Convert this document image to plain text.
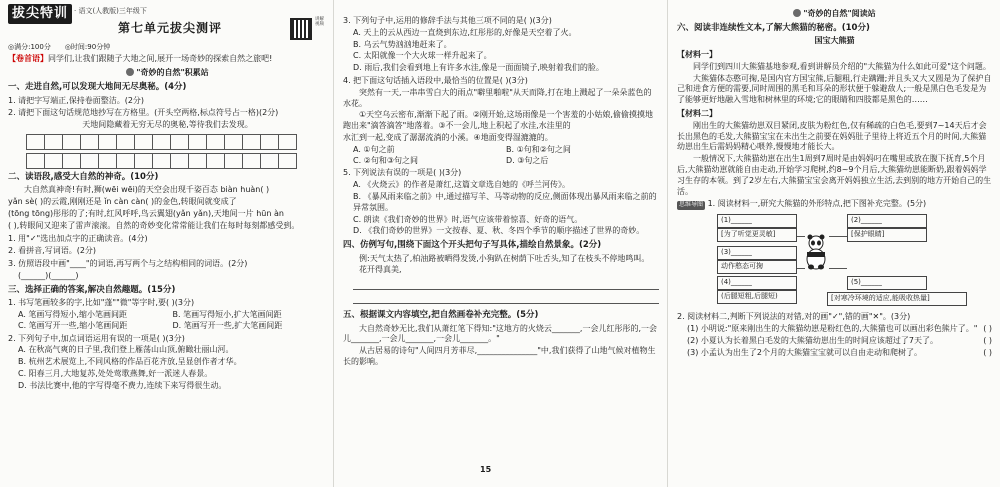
拔尖特训 · 语文(人教版)三年级下
第七单元拔尖测评
讲解视频
◎满分:100分 ◎时间:90分钟
【卷首语】同学们,让我们跟随子大地之间,展开一场奇妙的探索自然之旅吧!
"奇妙的自然"积累站
一、走进自然,可以发现大地间无尽奥秘。(4分)
1. 请把字写端正,保持卷面整洁。(2分)
2. 请把下面这句话规范地抄写在方格里。(开头空两格,标点符号占一格)(2分)
天地间隐藏着无穷无尽的奥秘,等待我们去发现。
二、读语段,感受大自然的神奇。(10分)
大自然真神奇!有时,狮(wēi wēi)的天空会出现千姿百态 biàn huàn( )
yǎn sè( )的云霞,刚刚还是 ǐn càn càn( )的金色,转眼间就变成了
(tōng tōng)彤彤的了;有时,红风呼呼,鸟云翼翅(yǎn yǎn),天地间一片 hūn àn
( ),转眼间又迎来了雷声滚滚。自然的奇妙变化常常能让我们在每时每刻都感受到。
1. 用"✓"选出加点字的正确读音。(4分)
2. 看拼音,写词语。(2分)
3. 仿照语段中画"____"的词语,再写两个与之结构相同的词语。(2分)
(______)(______)
三、选择正确的答案,解决自然趣题。(15分)
1. 书写笔画较多的字,比如"蓬""微"等字时,要( )(3分)
A. 笔画写得短小,缩小笔画间距	B. 笔画写得短小,扩大笔画间距
C. 笔画写开一些,缩小笔画间距	D. 笔画写开一些,扩大笔画间距
2. 下列句子中,加点词语运用有误的一项是( )(3分)
A. 在秋高气爽的日子里,我们登上雁荡山山顶,俯瞰壮丽山河。
B. 杭州艺术展览上,不同风格的作品百花齐放,呈显创作者才华。
C. 阳春三月,大地复苏,处处莺歌燕舞,好一派迷人春景。
D. 书法比赛中,他的字写得毫不费力,连续下来写得很生动。
3. 下列句子中,运用的修辞手法与其他三项不同的是( )(3分)
A. 天上的云从西边一直烧到东边,红彤彤的,好像是天空着了火。
B. 乌云气势汹汹地赶来了。
C. 太阳就像一个大火球一样升起来了。
D. 雨后,我们会看到地上有许多水洼,像是一面面镜子,映射着我们的脸。
4. 把下面这句话插入语段中,最恰当的位置是( )(3分)
突然有一天,一串串雪白大的雨点"噼里啪啦"从天而降,打在地上溅起了一朵朵蓝色的水花。
①天空乌云密布,渐渐下起了雨。②刚开始,这场雨像是一个害羞的小姑娘,偷偷摸摸地跑出来"滴答滴答"地落着。③不一会儿,地上积起了水洼,水洼里的
水汇到一起,变成了潺潺流淌的小溪。④地面变得湿漉漉的。
A. ①句之前	B. ①句和②句之间
C. ②句和③句之间	D. ③句之后
5. 下列说法有误的一项是( )(3分)
A. 《火烧云》的作者是萧红,这篇文章选自她的《呼兰河传》。
B. 《暴风雨来临之前》中,通过描写羊、马等动物的反应,侧面体现出暴风雨来临之前的异常氛围。
C. 朗读《我们奇妙的世界》时,语气应该带着惊喜、好奇的语气。
D. 《我们奇妙的世界》一文按春、夏、秋、冬四个季节的顺序描述了世界的奇妙。
四、仿例写句,围绕下面这个开头把句子写具体,描绘自然景象。(2分)
例:天气太热了,柏油路被晒得发烫,小狗趴在树荫下吐舌头,知了在枝头不停地鸣叫。
花开得真美,
五、根据课文内容填空,把自然画卷补充完整。(5分)
大自然奇妙无比,我们从萧红笔下得知:"这地方的火烧云_______,一会儿红彤彤的,一会儿_______,一会儿_______,一会儿_______。"
从古居易的诗句"人间四月芳菲尽,_______________"中,我们获得了山地气候对植物生长的影响。
15
"奇妙的自然"阅读站
六、阅读非连续性文本,了解大熊猫的秘密。(10分)
国宝大熊猫
【材料一】
同学们到四川大熊猫基地参观,看到讲解员介绍的"大熊猫为什么如此可爱"这个问题。
大熊猫体态憨可掬,是国内官方国宝熊,后腿粗,行走蹒跚;并且头又大又圆是为了保护自己和进食方便的需要,同时周围的黑毛和耳朵的形状便于躲避敌人;一般是黑白色毛发是为了能够更好地融入雪地和树林里的环境;它的眼睛和四肢都是黑色的……
【材料二】
刚出生的大熊猫幼崽双目紧闭,皮肤为粉红色,仅有稀疏的白色毛,要到7~14天后才会长出黑色的毛发,大熊猫宝宝在未出生之前要在妈妈肚子里待上将近五个月的时间,大熊猫幼崽出生后需妈妈精心喂养,慢慢地才能长大。
一般情况下,大熊猫幼崽在出生1周到7周时是由妈妈叼在嘴里或放在腹下抚育,5个月后,大熊猫幼崽就能自由走动,开始学习爬树,约8~9个月后,大熊猫幼崽能断奶,跟着妈妈学习生存的本领。到了2岁左右,大熊猫宝宝会离开妈妈独立生活,去到别的地方开始自己的生活。
思维导图 1. 阅读材料一,研究大熊猫的外形特点,把下图补充完整。(5分)
(1)______
[为了听觉更灵敏]
(2)______
[保护眼睛]
(3)______
动作憨态可掬
(4)______
(后腿短粗,后腿短)
(5)______
[对寒冷环境的适应,能吸收热量]
2. 阅读材料二,判断下列说法的对错,对的画"✓",错的画"✕"。(3分)
(1) 小明说:"原来刚出生的大熊猫幼崽是粉红色的,大熊猫也可以画出彩色熊片了。" ( )
(2) 小夏认为长着黑白毛发的大熊猫幼崽出生的时间应该超过了7天了。	( )
(3) 小孟认为出生了2个月的大熊猫宝宝就可以自由走动和爬树了。	( )
